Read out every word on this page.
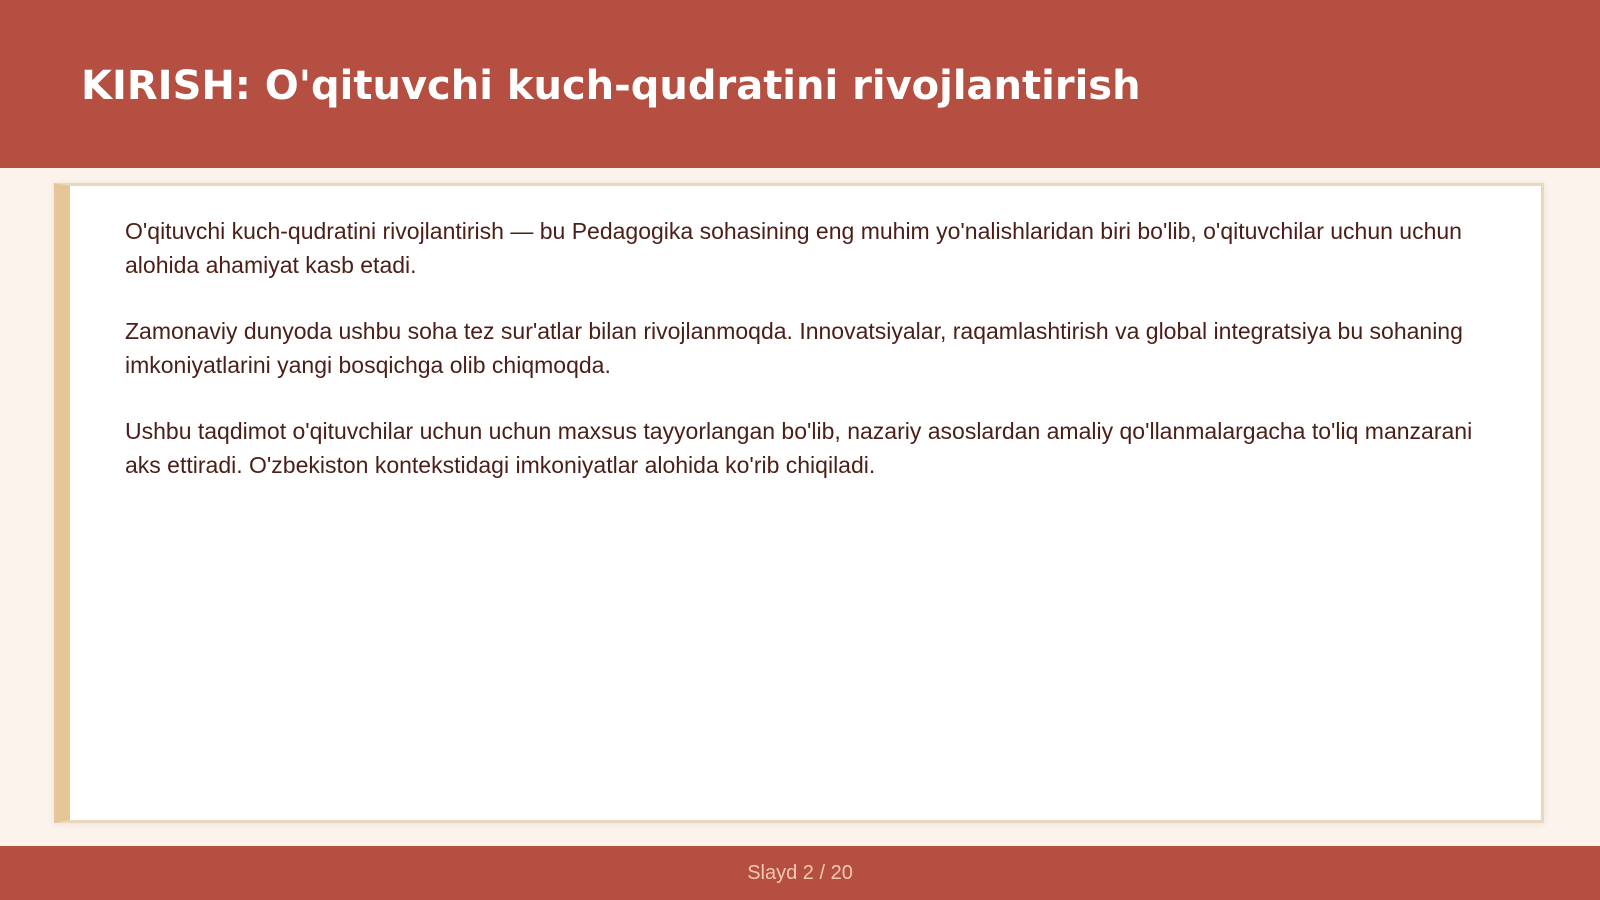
KIRISH: O'qituvchi kuch-qudratini rivojlantirish

O'qituvchi kuch-qudratini rivojlantirish — bu Pedagogika sohasining eng muhim yo'nalishlaridan biri bo'lib, o'qituvchilar uchun uchun alohida ahamiyat kasb etadi.

Zamonaviy dunyoda ushbu soha tez sur'atlar bilan rivojlanmoqda. Innovatsiyalar, raqamlashtirish va global integratsiya bu sohaning imkoniyatlarini yangi bosqichga olib chiqmoqda.

Ushbu taqdimot o'qituvchilar uchun uchun maxsus tayyorlangan bo'lib, nazariy asoslardan amaliy qo'llanmalargacha to'liq manzarani aks ettiradi. O'zbekiston kontekstidagi imkoniyatlar alohida ko'rib chiqiladi.

Slayd 2 / 20
